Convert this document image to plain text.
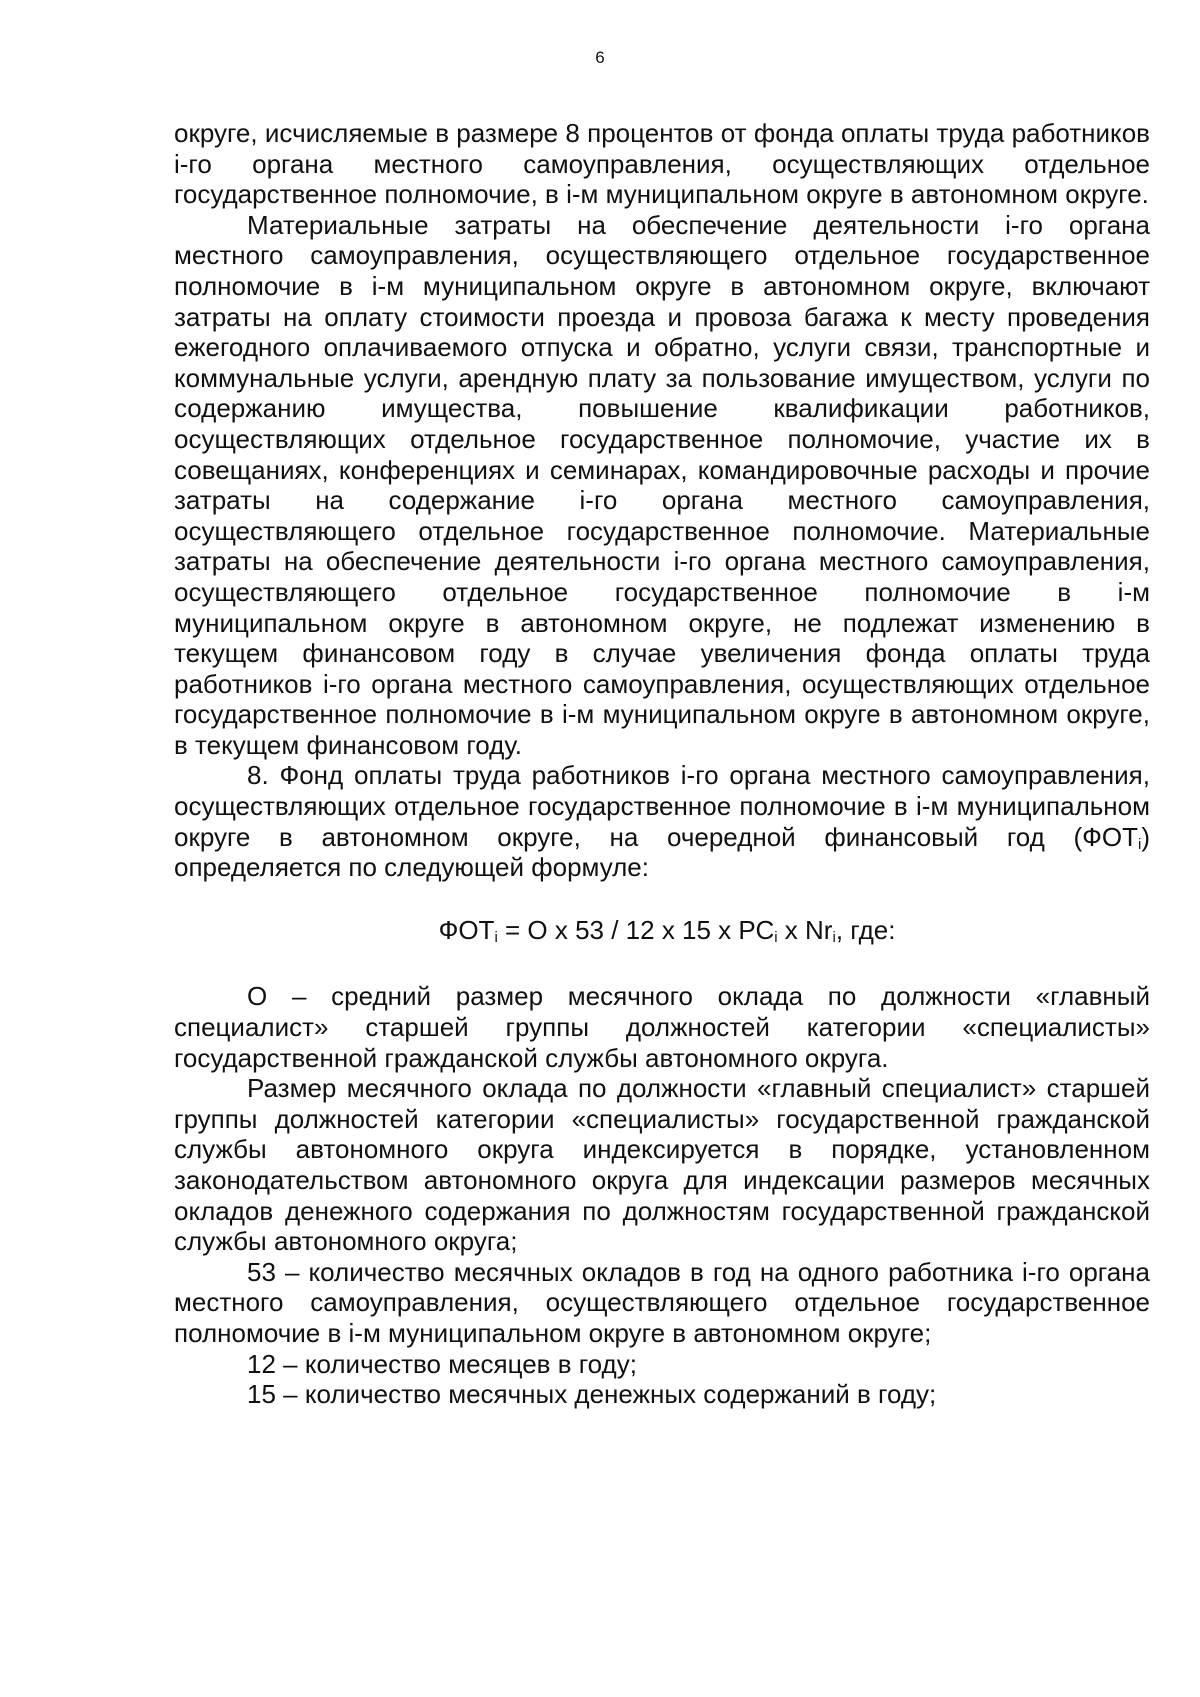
6

округе, исчисляемые в размере 8 процентов от фонда оплаты труда работников i-го органа местного самоуправления, осуществляющих отдельное государственное полномочие, в i-м муниципальном округе в автономном округе.

Материальные затраты на обеспечение деятельности i-го органа местного самоуправления, осуществляющего отдельное государственное полномочие в i-м муниципальном округе в автономном округе, включают затраты на оплату стоимости проезда и провоза багажа к месту проведения ежегодного оплачиваемого отпуска и обратно, услуги связи, транспортные и коммунальные услуги, арендную плату за пользование имуществом, услуги по содержанию имущества, повышение квалификации работников, осуществляющих отдельное государственное полномочие, участие их в совещаниях, конференциях и семинарах, командировочные расходы и прочие затраты на содержание i-го органа местного самоуправления, осуществляющего отдельное государственное полномочие. Материальные затраты на обеспечение деятельности i-го органа местного самоуправления, осуществляющего отдельное государственное полномочие в i-м муниципальном округе в автономном округе, не подлежат изменению в текущем финансовом году в случае увеличения фонда оплаты труда работников i-го органа местного самоуправления, осуществляющих отдельное государственное полномочие в i-м муниципальном округе в автономном округе, в текущем финансовом году.

8. Фонд оплаты труда работников i-го органа местного самоуправления, осуществляющих отдельное государственное полномочие в i-м муниципальном округе в автономном округе, на очередной финансовый год $(ФОТ_i)$ определяется по следующей формуле:

$ФОТ_i = О$ х 53 / 12 х 15 х $РС_i$ х $Nr_i$, где:

О – средний размер месячного оклада по должности «главный специалист» старшей группы должностей категории «специалисты» государственной гражданской службы автономного округа.

Размер месячного оклада по должности «главный специалист» старшей группы должностей категории «специалисты» государственной гражданской службы автономного округа индексируется в порядке, установленном законодательством автономного округа для индексации размеров месячных окладов денежного содержания по должностям государственной гражданской службы автономного округа;

53 – количество месячных окладов в год на одного работника i-го органа местного самоуправления, осуществляющего отдельное государственное полномочие в i-м муниципальном округе в автономном округе;

12 – количество месяцев в году;

15 – количество месячных денежных содержаний в году;
